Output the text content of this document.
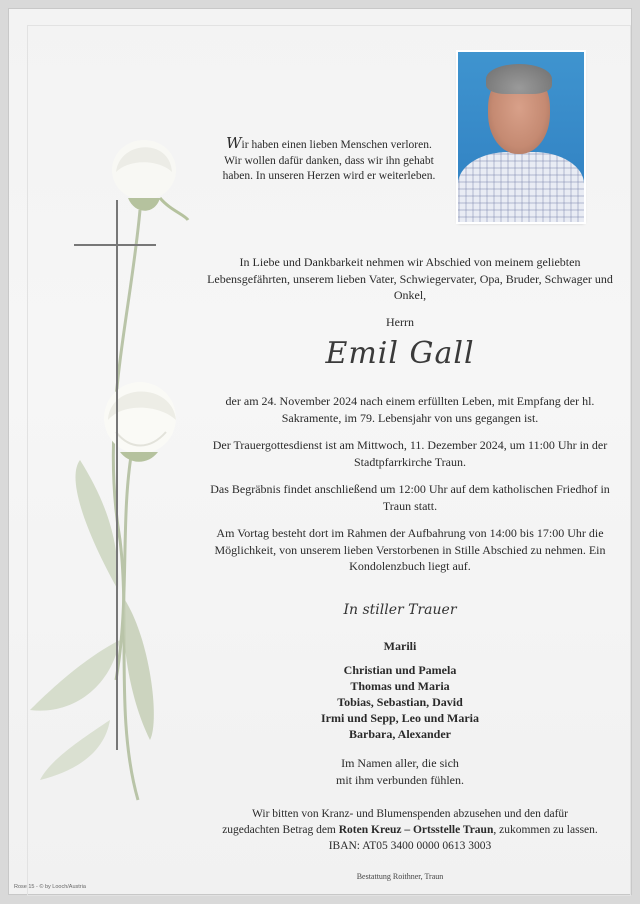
Wir haben einen lieben Menschen verloren. Wir wollen dafür danken, dass wir ihn gehabt haben. In unseren Herzen wird er weiterleben.
In Liebe und Dankbarkeit nehmen wir Abschied von meinem geliebten Lebensgefährten, unserem lieben Vater, Schwiegervater, Opa, Bruder, Schwager und Onkel,
Herrn
Emil Gall
der am 24. November 2024 nach einem erfüllten Leben, mit Empfang der hl. Sakramente, im 79. Lebensjahr von uns gegangen ist.
Der Trauergottesdienst ist am Mittwoch, 11. Dezember 2024, um 11:00 Uhr in der Stadtpfarrkirche Traun.
Das Begräbnis findet anschließend um 12:00 Uhr auf dem katholischen Friedhof in Traun statt.
Am Vortag besteht dort im Rahmen der Aufbahrung von 14:00 bis 17:00 Uhr die Möglichkeit, von unserem lieben Verstorbenen in Stille Abschied zu nehmen. Ein Kondolenzbuch liegt auf.
In stiller Trauer
Marili
Christian und Pamela
Thomas und Maria
Tobias, Sebastian, David
Irmi und Sepp, Leo und Maria
Barbara, Alexander
Im Namen aller, die sich
mit ihm verbunden fühlen.
Wir bitten von Kranz- und Blumenspenden abzusehen und den dafür
zugedachten Betrag dem Roten Kreuz – Ortsstelle Traun, zukommen zu lassen.
IBAN: AT05 3400 0000 0613 3003
Bestattung Roithner, Traun
Rose 15 - © by Looch/Austria
